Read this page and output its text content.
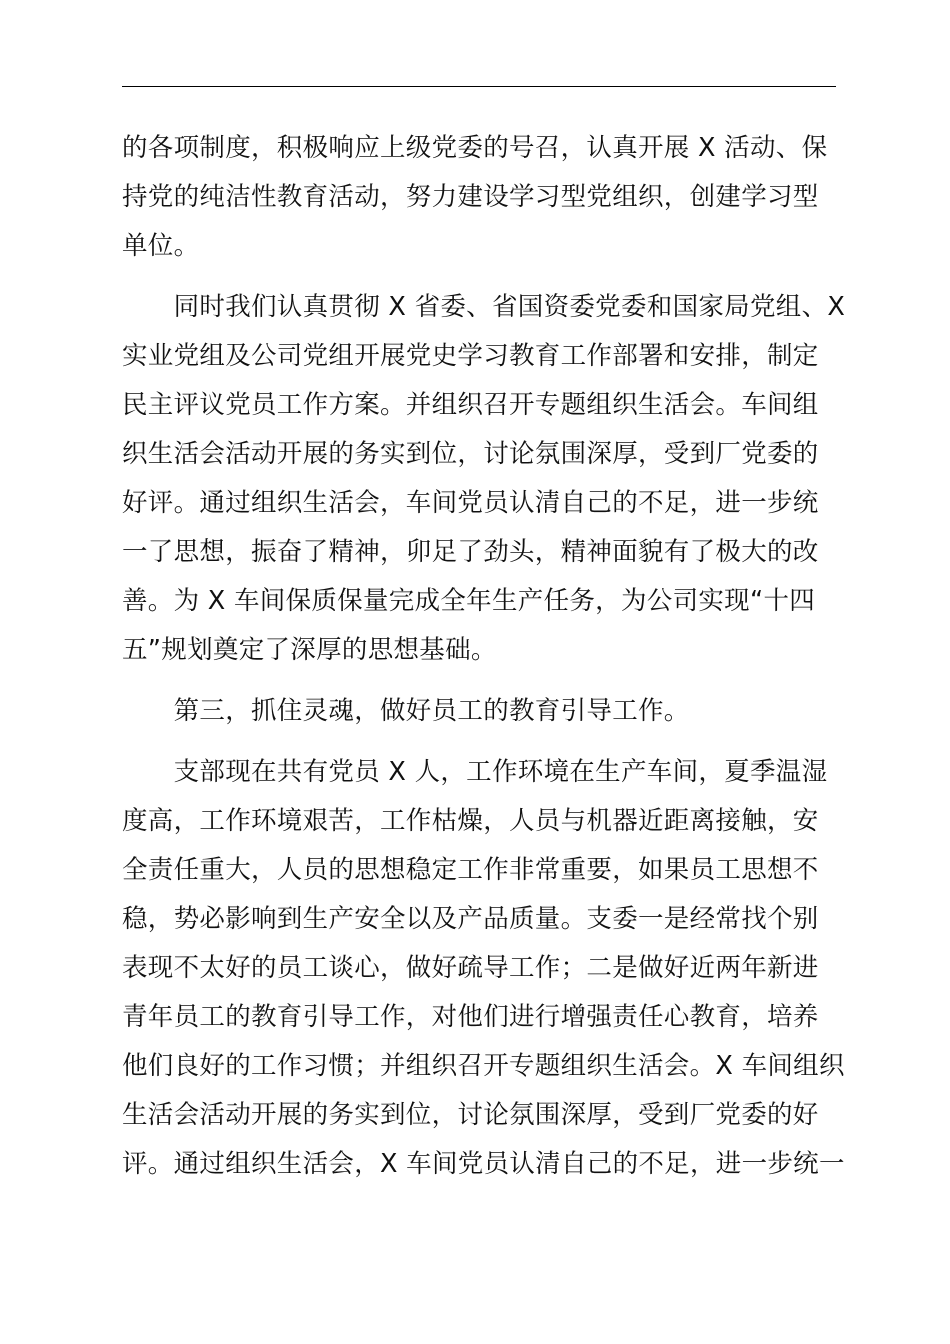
的各项制度，积极响应上级党委的号召，认真开展 X 活动、保
持党的纯洁性教育活动，努力建设学习型党组织，创建学习型
单位。
　　同时我们认真贯彻 X 省委、省国资委党委和国家局党组、X
实业党组及公司党组开展党史学习教育工作部署和安排，制定
民主评议党员工作方案。并组织召开专题组织生活会。车间组
织生活会活动开展的务实到位，讨论氛围深厚，受到厂党委的
好评。通过组织生活会，车间党员认清自己的不足，进一步统
一了思想，振奋了精神，卯足了劲头，精神面貌有了极大的改
善。为 X 车间保质保量完成全年生产任务，为公司实现“十四
五”规划奠定了深厚的思想基础。
　　第三，抓住灵魂，做好员工的教育引导工作。
　　支部现在共有党员 X 人，工作环境在生产车间，夏季温湿
度高，工作环境艰苦，工作枯燥，人员与机器近距离接触，安
全责任重大，人员的思想稳定工作非常重要，如果员工思想不
稳，势必影响到生产安全以及产品质量。支委一是经常找个别
表现不太好的员工谈心，做好疏导工作；二是做好近两年新进
青年员工的教育引导工作，对他们进行增强责任心教育，培养
他们良好的工作习惯；并组织召开专题组织生活会。X 车间组织
生活会活动开展的务实到位，讨论氛围深厚，受到厂党委的好
评。通过组织生活会，X 车间党员认清自己的不足，进一步统一
